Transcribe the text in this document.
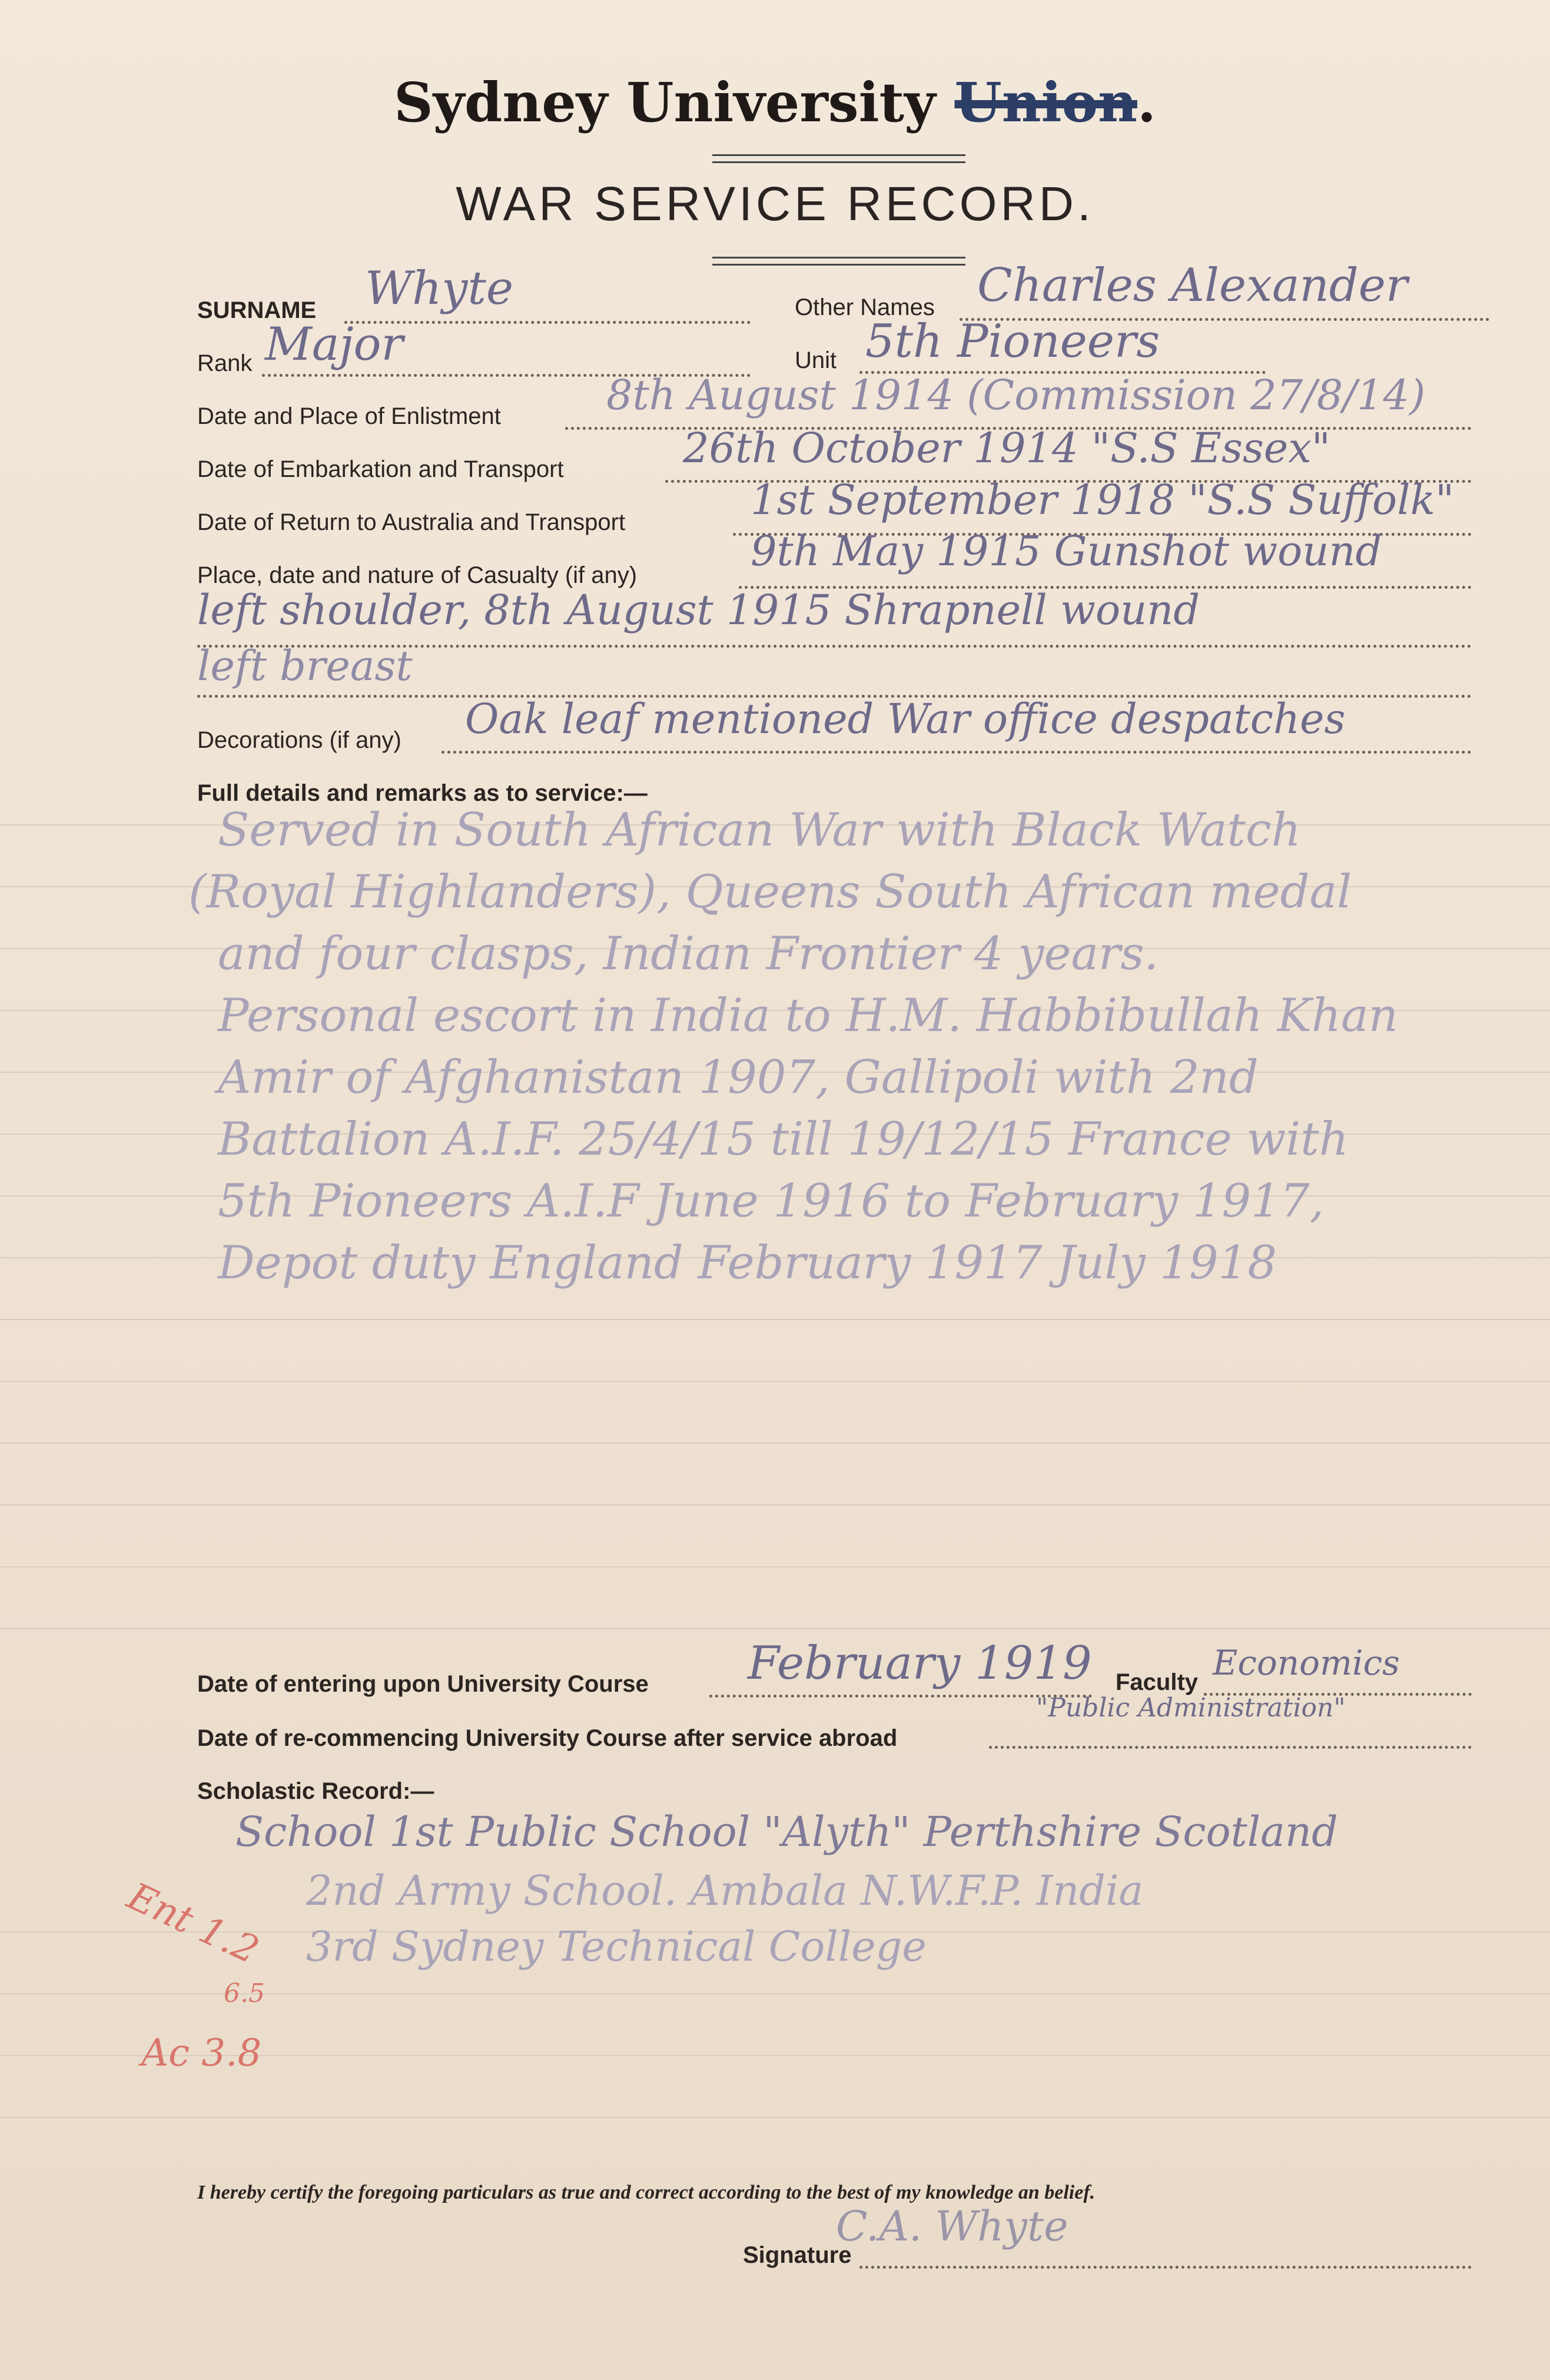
Sydney University Union.
WAR SERVICE RECORD.
SURNAME Whyte	Other Names Charles Alexander
Rank Major	Unit 5th Pioneers
Date and Place of Enlistment	8th August 1914 (Commission 27/8/14)
Date of Embarkation and Transport	26th October 1914 "S.S Essex"
Date of Return to Australia and Transport	1st September 1918 "S.S Suffolk"
Place, date and nature of Casualty (if any)	9th May 1915 Gunshot wound
left shoulder, 8th August 1915 Shrapnell wound
left breast
Decorations (if any) Oak leaf mentioned War office despatches
Full details and remarks as to service:—
Served in South African War with Black Watch
(Royal Highlanders), Queens South African medal
and four clasps, Indian Frontier 4 years.
Personal escort in India to H.M. Habbibullah Khan
Amir of Afghanistan 1907, Gallipoli with 2nd
Battalion A.I.F. 25/4/15 till 19/12/15 France with
5th Pioneers A.I.F June 1916 to February 1917,
Depot duty England February 1917 July 1918
Date of entering upon University Course February 1919 Faculty Economics
"Public Administration"
Date of re-commencing University Course after service abroad
Scholastic Record:—
School 1st Public School "Alyth" Perthshire Scotland
2nd Army School. Ambala N.W.F.P. India
3rd Sydney Technical College
Ent 1.2
6.5
Ac 3.8
I hereby certify the foregoing particulars as true and correct according to the best of my knowledge an belief.
Signature
C.A. Whyte
